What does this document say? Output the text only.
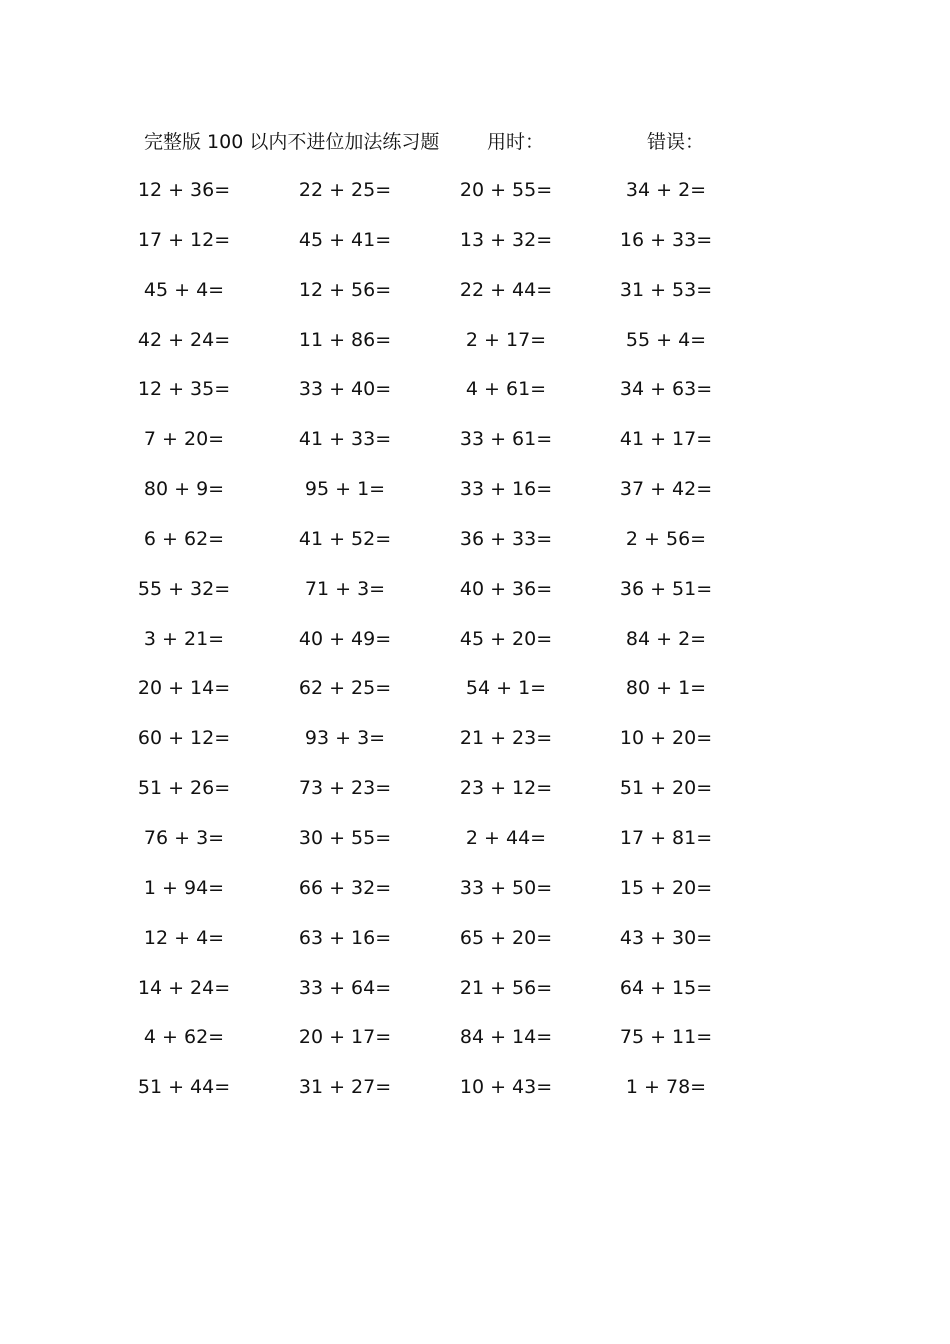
完整版 100 以内不进位加法练习题	用时：	错误：
12 + 36=	22 + 25=	20 + 55=	34 + 2=
17 + 12=	45 + 41=	13 + 32=	16 + 33=
45 + 4=	12 + 56=	22 + 44=	31 + 53=
42 + 24=	11 + 86=	2 + 17=	55 + 4=
12 + 35=	33 + 40=	4 + 61=	34 + 63=
7 + 20=	41 + 33=	33 + 61=	41 + 17=
80 + 9=	95 + 1=	33 + 16=	37 + 42=
6 + 62=	41 + 52=	36 + 33=	2 + 56=
55 + 32=	71 + 3=	40 + 36=	36 + 51=
3 + 21=	40 + 49=	45 + 20=	84 + 2=
20 + 14=	62 + 25=	54 + 1=	80 + 1=
60 + 12=	93 + 3=	21 + 23=	10 + 20=
51 + 26=	73 + 23=	23 + 12=	51 + 20=
76 + 3=	30 + 55=	2 + 44=	17 + 81=
1 + 94=	66 + 32=	33 + 50=	15 + 20=
12 + 4=	63 + 16=	65 + 20=	43 + 30=
14 + 24=	33 + 64=	21 + 56=	64 + 15=
4 + 62=	20 + 17=	84 + 14=	75 + 11=
51 + 44=	31 + 27=	10 + 43=	1 + 78=
